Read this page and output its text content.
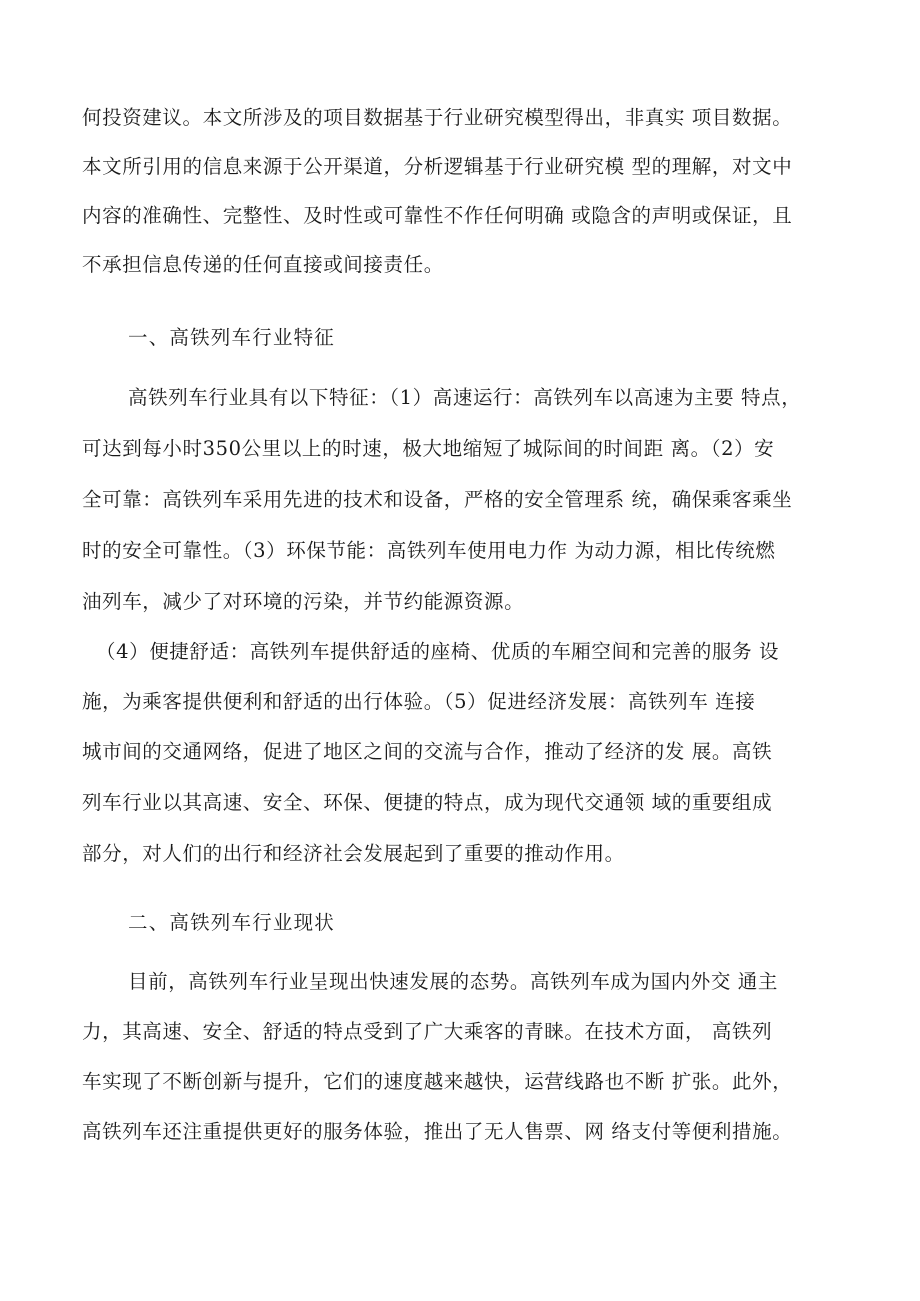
何投资建议。本文所涉及的项目数据基于行业研究模型得出，非真实 项目数据。
本文所引用的信息来源于公开渠道，分析逻辑基于行业研究模 型的理解，对文中
内容的准确性、完整性、及时性或可靠性不作任何明确 或隐含的声明或保证，且
不承担信息传递的任何直接或间接责任。
一、高铁列车行业特征
高铁列车行业具有以下特征：（1）高速运行：高铁列车以高速为主要 特点，
可达到每小时350公里以上的时速，极大地缩短了城际间的时间距 离。（2）安
全可靠：高铁列车采用先进的技术和设备，严格的安全管理系 统，确保乘客乘坐
时的安全可靠性。（3）环保节能：高铁列车使用电力作 为动力源，相比传统燃
油列车，减少了对环境的污染，并节约能源资源。
（4）便捷舒适：高铁列车提供舒适的座椅、优质的车厢空间和完善的服务 设
施，为乘客提供便利和舒适的出行体验。（5）促进经济发展：高铁列车 连接
城市间的交通网络，促进了地区之间的交流与合作，推动了经济的发 展。高铁
列车行业以其高速、安全、环保、便捷的特点，成为现代交通领 域的重要组成
部分，对人们的出行和经济社会发展起到了重要的推动作用。
二、高铁列车行业现状
目前，高铁列车行业呈现出快速发展的态势。高铁列车成为国内外交 通主
力，其高速、安全、舒适的特点受到了广大乘客的青睐。在技术方面， 高铁列
车实现了不断创新与提升，它们的速度越来越快，运营线路也不断 扩张。此外，
高铁列车还注重提供更好的服务体验，推出了无人售票、网 络支付等便利措施。
